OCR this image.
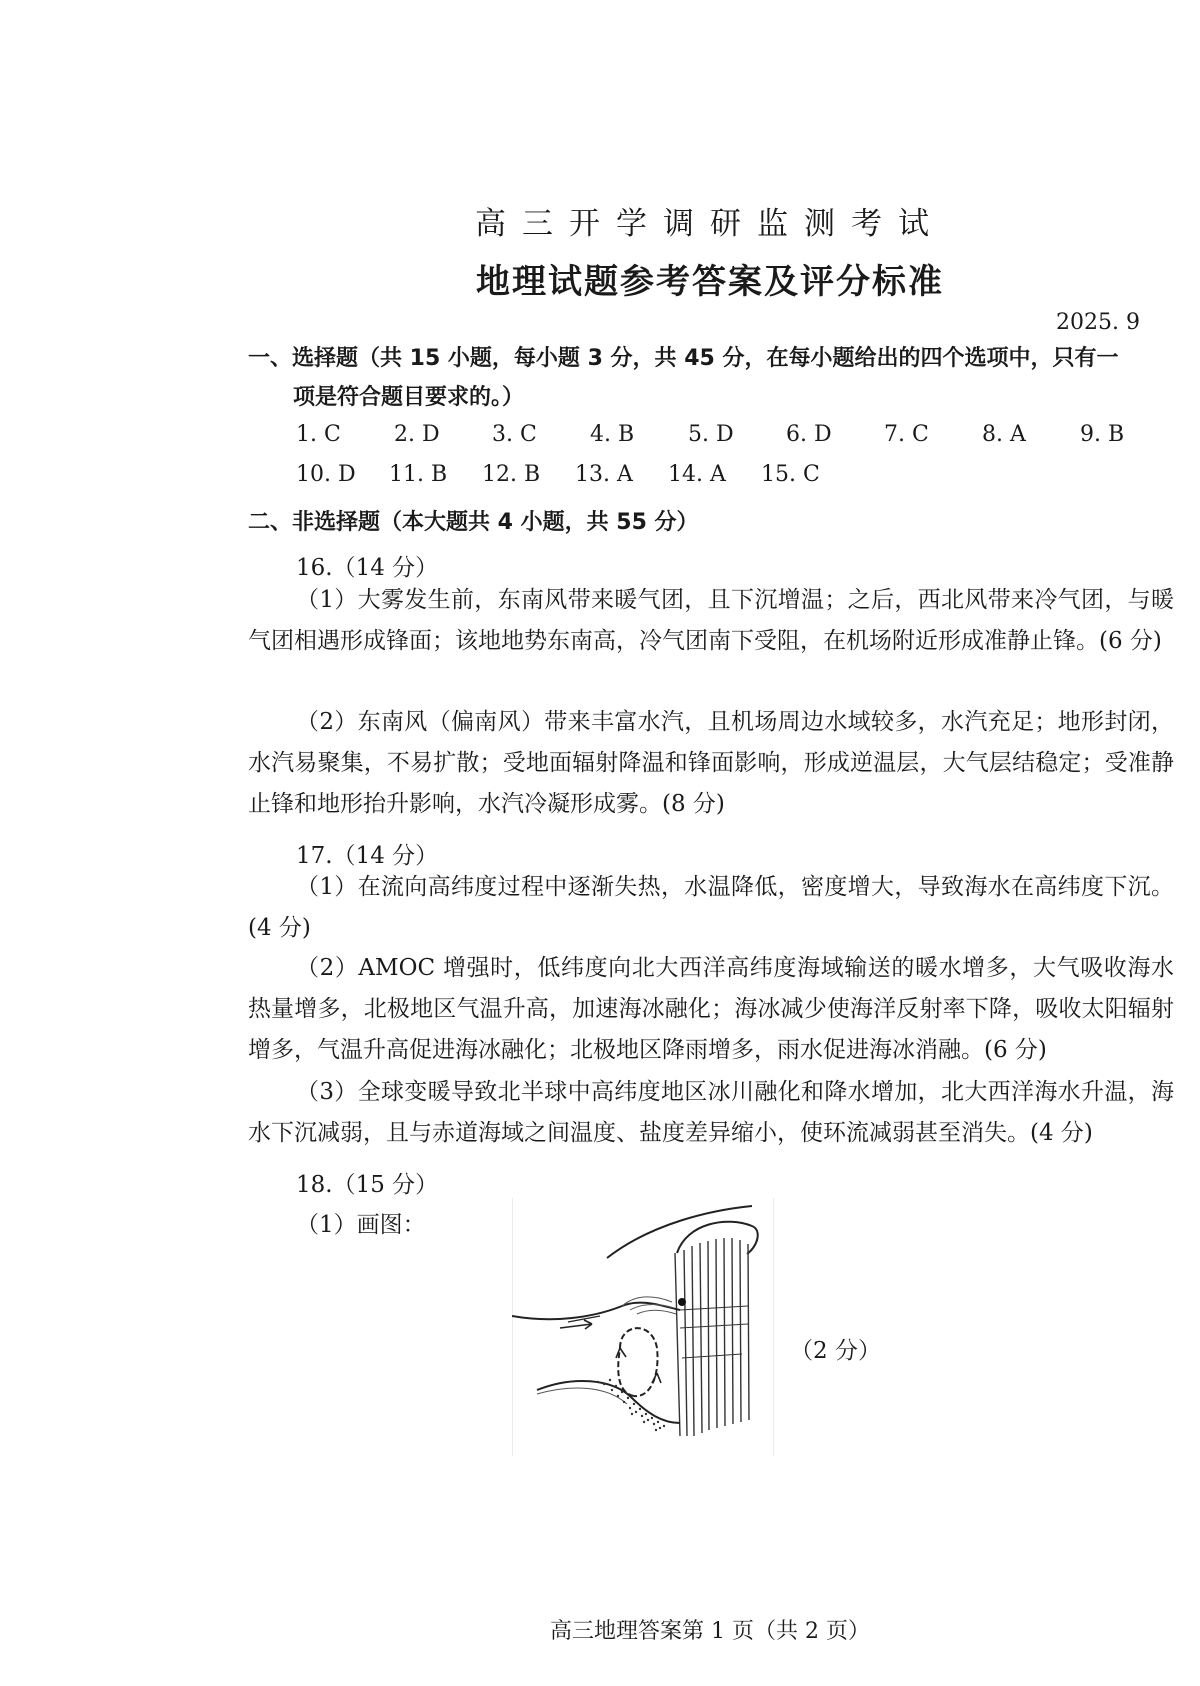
高三开学调研监测考试
地理试题参考答案及评分标准
2025. 9
一、选择题（共 15 小题，每小题 3 分，共 45 分，在每小题给出的四个选项中，只有一
项是符合题目要求的。）
1. C	2. D	3. C	4. B	5. D	6. D	7. C	8. A	9. B
10. D	11. B	12. B	13. A	14. A	15. C
二、非选择题（本大题共 4 小题，共 55 分）
16.（14 分）
（1）大雾发生前，东南风带来暖气团，且下沉增温；之后，西北风带来冷气团，与暖气团相遇形成锋面；该地地势东南高，冷气团南下受阻，在机场附近形成准静止锋。(6 分)
（2）东南风（偏南风）带来丰富水汽，且机场周边水域较多，水汽充足；地形封闭，水汽易聚集，不易扩散；受地面辐射降温和锋面影响，形成逆温层，大气层结稳定；受准静止锋和地形抬升影响，水汽冷凝形成雾。(8 分)
17.（14 分）
（1）在流向高纬度过程中逐渐失热，水温降低，密度增大，导致海水在高纬度下沉。(4 分)
（2）AMOC 增强时，低纬度向北大西洋高纬度海域输送的暖水增多，大气吸收海水热量增多，北极地区气温升高，加速海冰融化；海冰减少使海洋反射率下降，吸收太阳辐射增多，气温升高促进海冰融化；北极地区降雨增多，雨水促进海冰消融。(6 分)
（3）全球变暖导致北半球中高纬度地区冰川融化和降水增加，北大西洋海水升温，海水下沉减弱，且与赤道海域之间温度、盐度差异缩小，使环流减弱甚至消失。(4 分)
18.（15 分）
（1）画图：
（2 分）
高三地理答案第 1 页（共 2 页）
